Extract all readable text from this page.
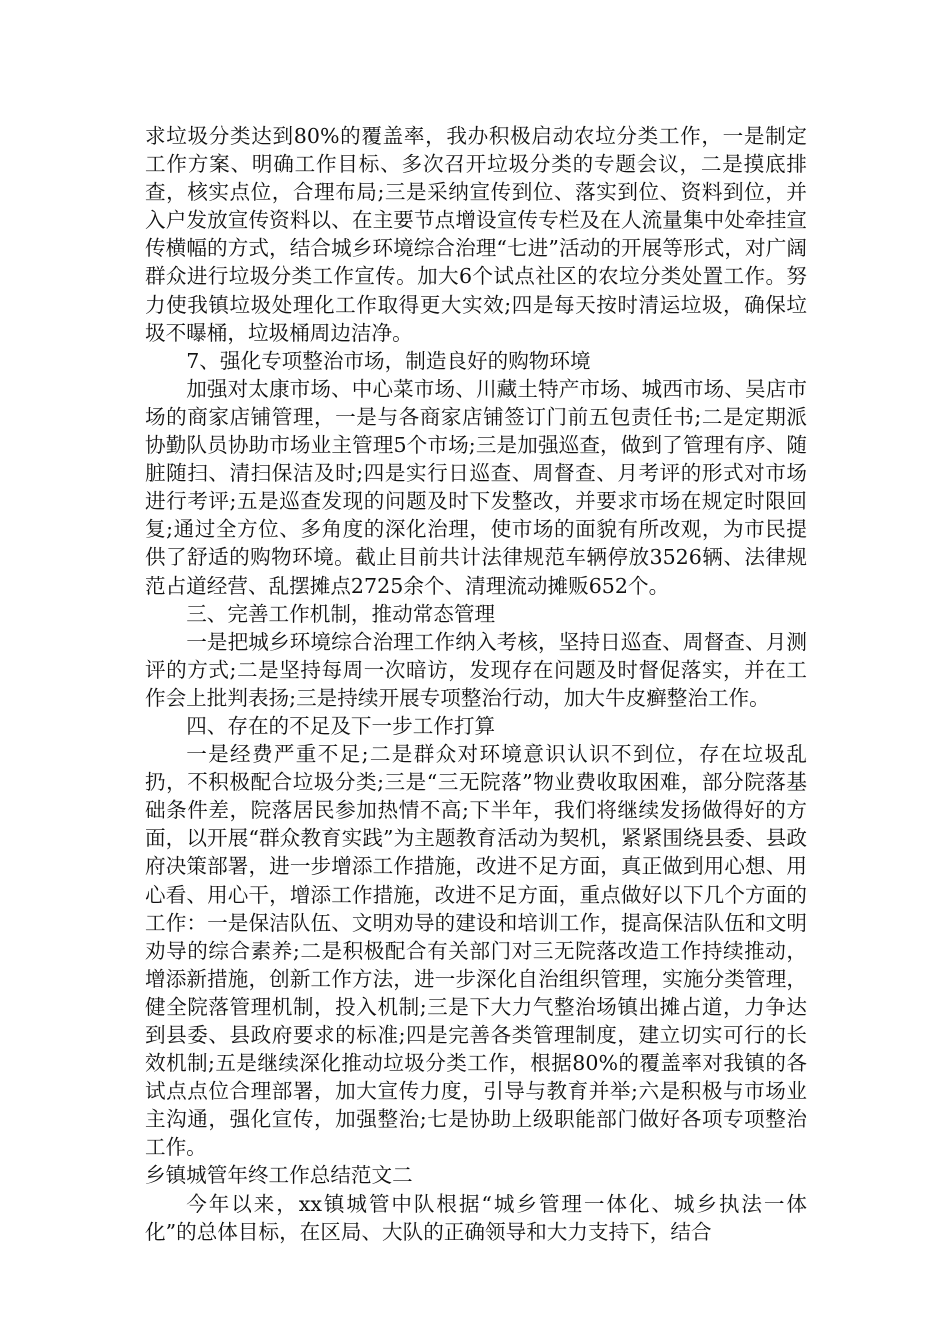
求垃圾分类达到80%的覆盖率，我办积极启动农垃分类工作，一是制定工作方案、明确工作目标、多次召开垃圾分类的专题会议，二是摸底排查，核实点位，合理布局;三是采纳宣传到位、落实到位、资料到位，并入户发放宣传资料以、在主要节点增设宣传专栏及在人流量集中处牵挂宣传横幅的方式，结合城乡环境综合治理“七进”活动的开展等形式，对广阔群众进行垃圾分类工作宣传。加大6个试点社区的农垃分类处置工作。努力使我镇垃圾处理化工作取得更大实效;四是每天按时清运垃圾，确保垃圾不曝桶，垃圾桶周边洁净。

7、强化专项整治市场，制造良好的购物环境

加强对太康市场、中心菜市场、川藏土特产市场、城西市场、吴店市场的商家店铺管理，一是与各商家店铺签订门前五包责任书;二是定期派协勤队员协助市场业主管理5个市场;三是加强巡查，做到了管理有序、随脏随扫、清扫保洁及时;四是实行日巡查、周督查、月考评的形式对市场进行考评;五是巡查发现的问题及时下发整改，并要求市场在规定时限回复;通过全方位、多角度的深化治理，使市场的面貌有所改观，为市民提供了舒适的购物环境。截止目前共计法律规范车辆停放3526辆、法律规范占道经营、乱摆摊点2725余个、清理流动摊贩652个。

三、完善工作机制，推动常态管理

一是把城乡环境综合治理工作纳入考核，坚持日巡查、周督查、月测评的方式;二是坚持每周一次暗访，发现存在问题及时督促落实，并在工作会上批判表扬;三是持续开展专项整治行动，加大牛皮癣整治工作。

四、存在的不足及下一步工作打算

一是经费严重不足;二是群众对环境意识认识不到位，存在垃圾乱扔，不积极配合垃圾分类;三是“三无院落”物业费收取困难，部分院落基础条件差，院落居民参加热情不高;下半年，我们将继续发扬做得好的方面，以开展“群众教育实践”为主题教育活动为契机，紧紧围绕县委、县政府决策部署，进一步增添工作措施，改进不足方面，真正做到用心想、用心看、用心干，增添工作措施，改进不足方面，重点做好以下几个方面的工作：一是保洁队伍、文明劝导的建设和培训工作，提高保洁队伍和文明劝导的综合素养;二是积极配合有关部门对三无院落改造工作持续推动，增添新措施，创新工作方法，进一步深化自治组织管理，实施分类管理，健全院落管理机制，投入机制;三是下大力气整治场镇出摊占道，力争达到县委、县政府要求的标准;四是完善各类管理制度，建立切实可行的长效机制;五是继续深化推动垃圾分类工作，根据80%的覆盖率对我镇的各试点点位合理部署，加大宣传力度，引导与教育并举;六是积极与市场业主沟通，强化宣传，加强整治;七是协助上级职能部门做好各项专项整治工作。

乡镇城管年终工作总结范文二

今年以来，xx镇城管中队根据“城乡管理一体化、城乡执法一体化”的总体目标，在区局、大队的正确领导和大力支持下，结合
